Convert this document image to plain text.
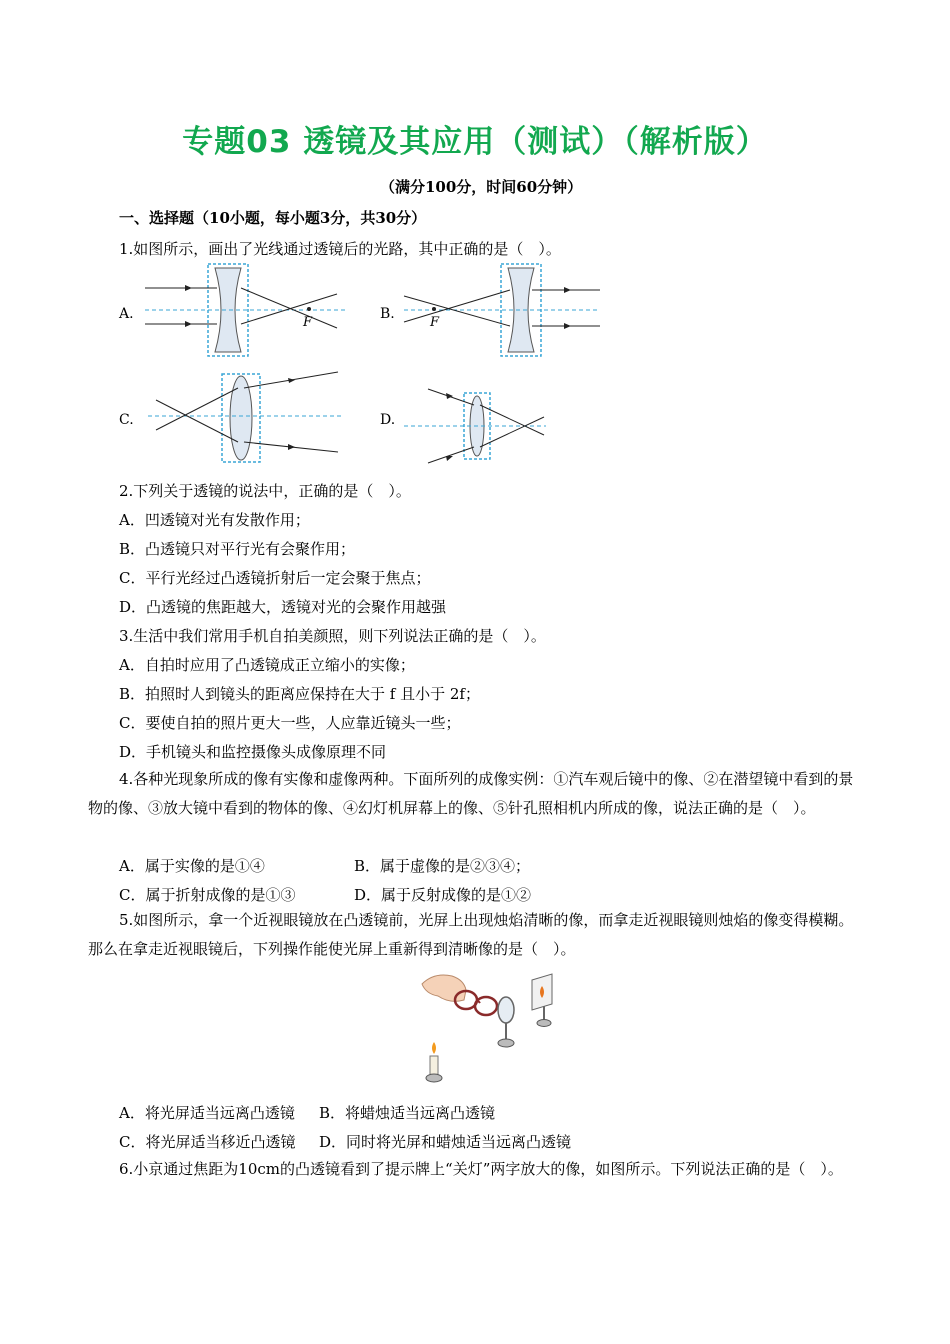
专题03 透镜及其应用（测试）（解析版）
（满分100分，时间60分钟）
一、选择题（10小题，每小题3分，共30分）
1.如图所示，画出了光线通过透镜后的光路，其中正确的是（　）。
A.	B.
C.	D.
F	F
2.下列关于透镜的说法中，正确的是（　）。
A．凹透镜对光有发散作用；
B．凸透镜只对平行光有会聚作用；
C．平行光经过凸透镜折射后一定会聚于焦点；
D．凸透镜的焦距越大，透镜对光的会聚作用越强
3.生活中我们常用手机自拍美颜照，则下列说法正确的是（　）。
A．自拍时应用了凸透镜成正立缩小的实像；
B．拍照时人到镜头的距离应保持在大于 f 且小于 2f；
C．要使自拍的照片更大一些，人应靠近镜头一些；
D．手机镜头和监控摄像头成像原理不同
4.各种光现象所成的像有实像和虚像两种。下面所列的成像实例：①汽车观后镜中的像、②在潜望镜中看到的景物的像、③放大镜中看到的物体的像、④幻灯机屏幕上的像、⑤针孔照相机内所成的像，说法正确的是（　）。
A．属于实像的是①④	B．属于虚像的是②③④；
C．属于折射成像的是①③	D．属于反射成像的是①②
5.如图所示，拿一个近视眼镜放在凸透镜前，光屏上出现烛焰清晰的像，而拿走近视眼镜则烛焰的像变得模糊。那么在拿走近视眼镜后，下列操作能使光屏上重新得到清晰像的是（　）。
A．将光屏适当远离凸透镜 B．将蜡烛适当远离凸透镜
C．将光屏适当移近凸透镜 D．同时将光屏和蜡烛适当远离凸透镜
6.小京通过焦距为10cm的凸透镜看到了提示牌上“关灯”两字放大的像，如图所示。下列说法正确的是（　）。
